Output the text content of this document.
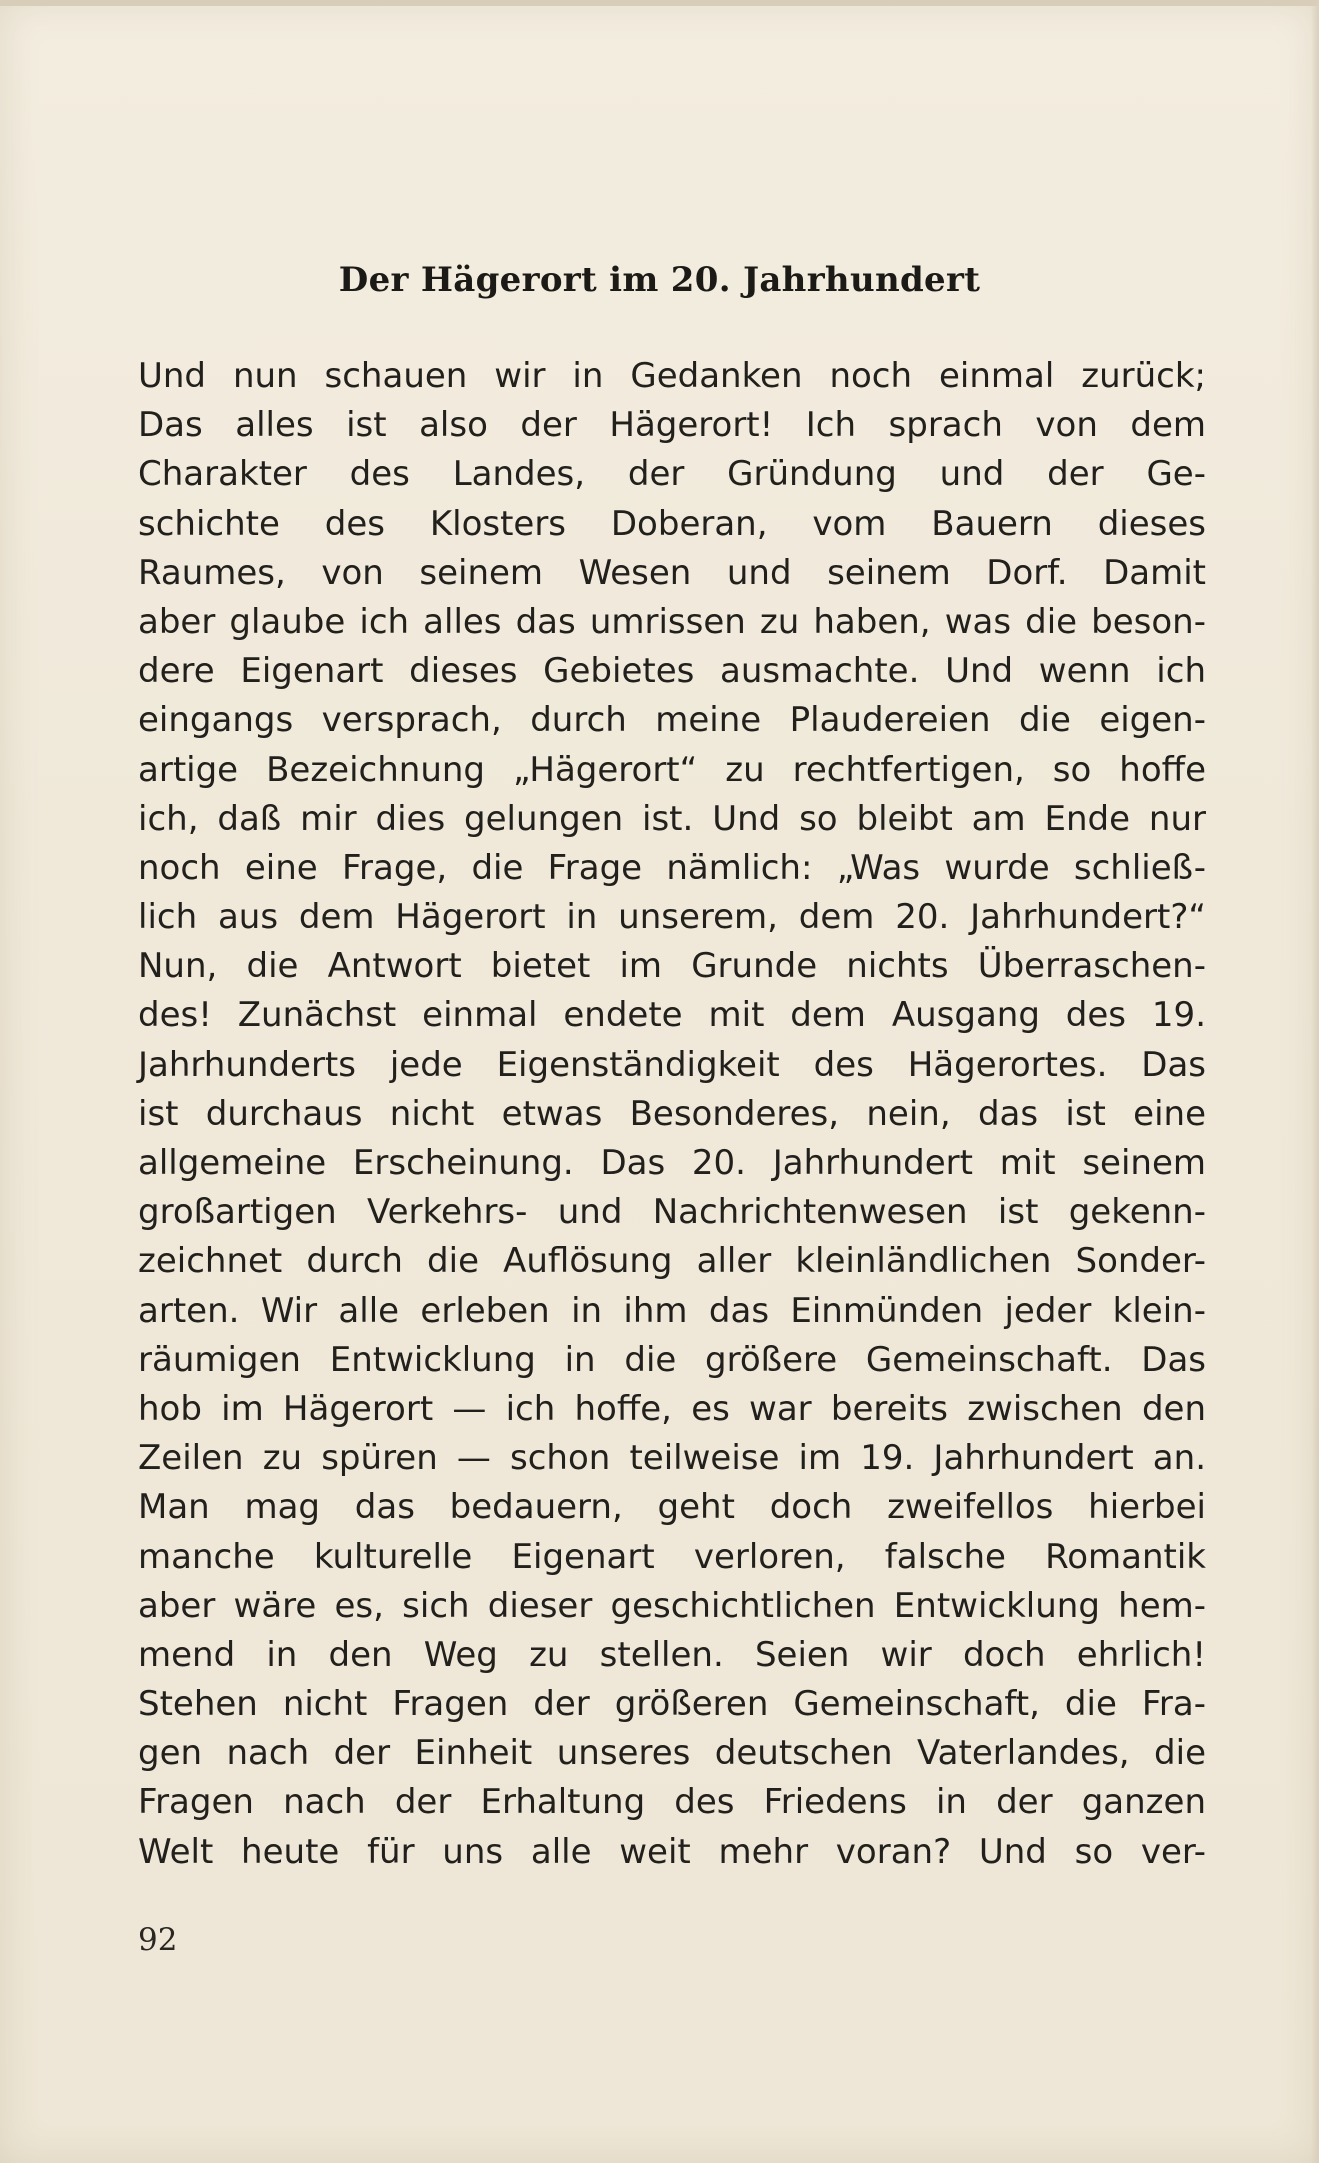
Der Hägerort im 20. Jahrhundert
Und nun schauen wir in Gedanken noch einmal zurück;
Das alles ist also der Hägerort! Ich sprach von dem
Charakter des Landes, der Gründung und der Ge-
schichte des Klosters Doberan, vom Bauern dieses
Raumes, von seinem Wesen und seinem Dorf. Damit
aber glaube ich alles das umrissen zu haben, was die beson-
dere Eigenart dieses Gebietes ausmachte. Und wenn ich
eingangs versprach, durch meine Plaudereien die eigen-
artige Bezeichnung „Hägerort“ zu rechtfertigen, so hoffe
ich, daß mir dies gelungen ist. Und so bleibt am Ende nur
noch eine Frage, die Frage nämlich: „Was wurde schließ-
lich aus dem Hägerort in unserem, dem 20. Jahrhundert?“
Nun, die Antwort bietet im Grunde nichts Überraschen-
des! Zunächst einmal endete mit dem Ausgang des 19.
Jahrhunderts jede Eigenständigkeit des Hägerortes. Das
ist durchaus nicht etwas Besonderes, nein, das ist eine
allgemeine Erscheinung. Das 20. Jahrhundert mit seinem
großartigen Verkehrs- und Nachrichtenwesen ist gekenn-
zeichnet durch die Auflösung aller kleinländlichen Sonder-
arten. Wir alle erleben in ihm das Einmünden jeder klein-
räumigen Entwicklung in die größere Gemeinschaft. Das
hob im Hägerort — ich hoffe, es war bereits zwischen den
Zeilen zu spüren — schon teilweise im 19. Jahrhundert an.
Man mag das bedauern, geht doch zweifellos hierbei
manche kulturelle Eigenart verloren, falsche Romantik
aber wäre es, sich dieser geschichtlichen Entwicklung hem-
mend in den Weg zu stellen. Seien wir doch ehrlich!
Stehen nicht Fragen der größeren Gemeinschaft, die Fra-
gen nach der Einheit unseres deutschen Vaterlandes, die
Fragen nach der Erhaltung des Friedens in der ganzen
Welt heute für uns alle weit mehr voran? Und so ver-
92
